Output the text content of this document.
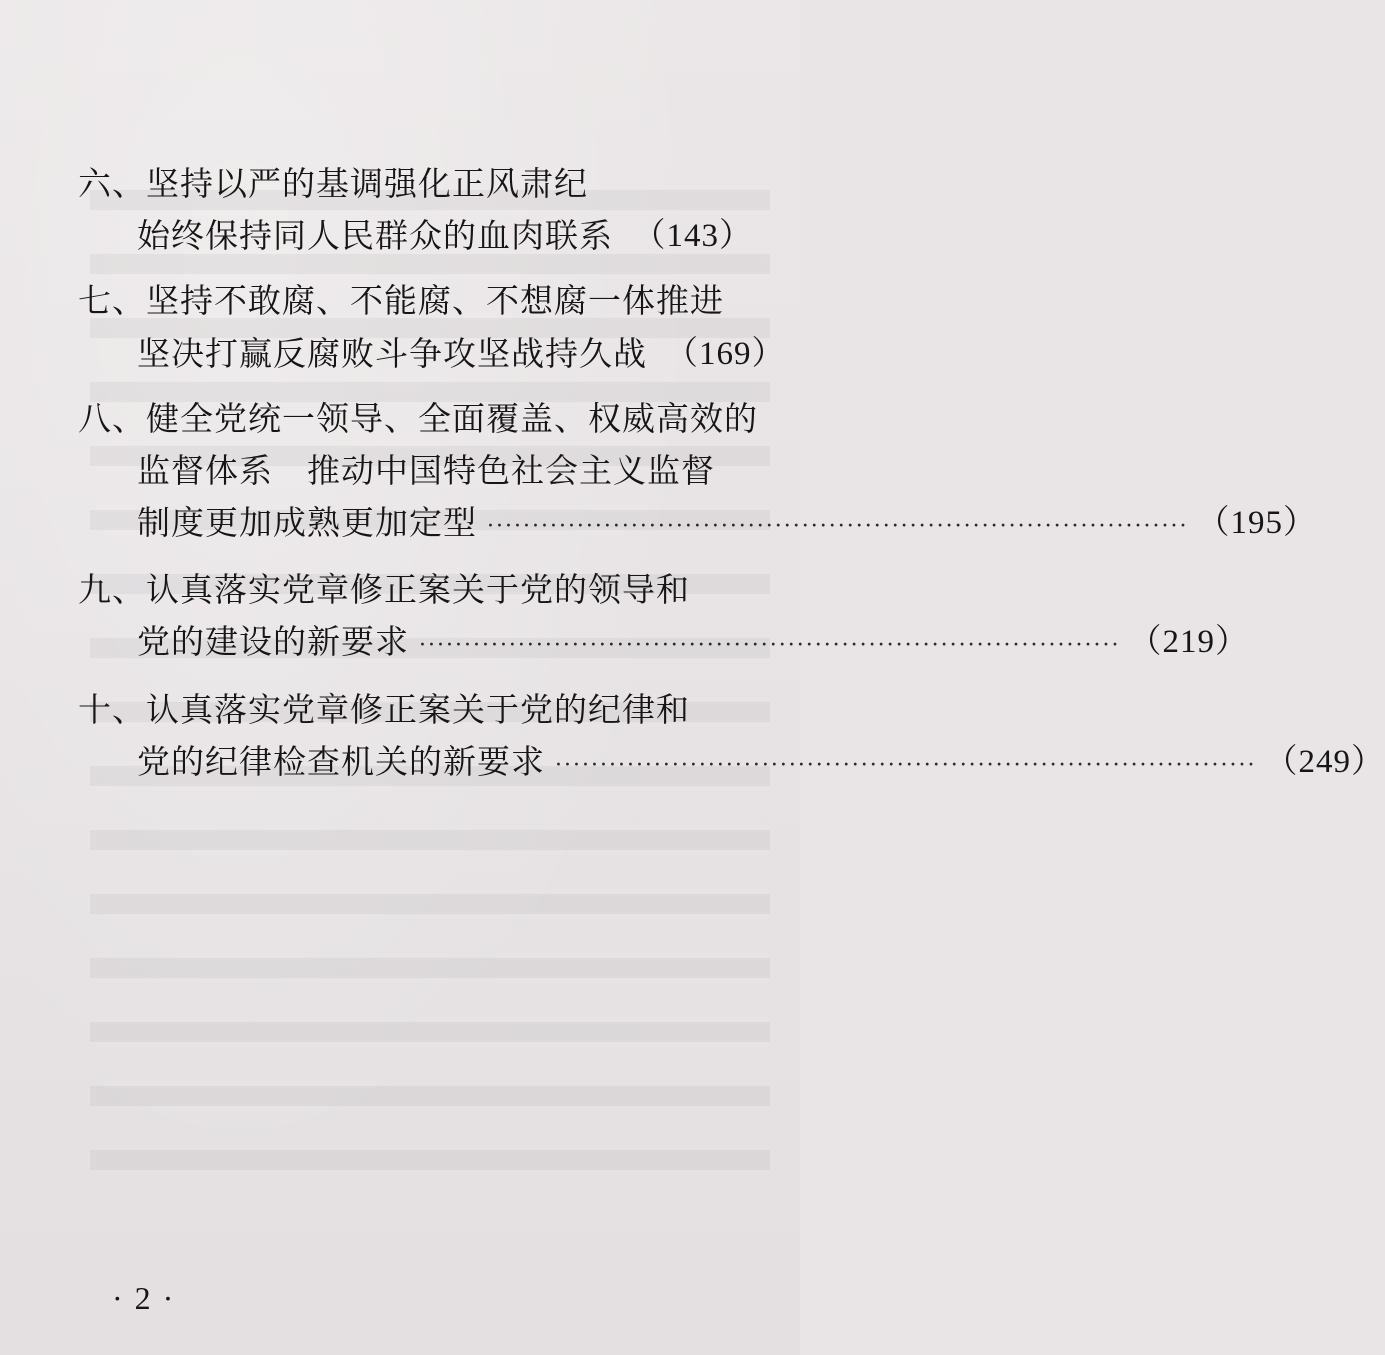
六、坚持以严的基调强化正风肃纪
始终保持同人民群众的血肉联系 （143）
七、坚持不敢腐、不能腐、不想腐一体推进
坚决打赢反腐败斗争攻坚战持久战 （169）
八、健全党统一领导、全面覆盖、权威高效的
监督体系　推动中国特色社会主义监督
制度更加成熟更加定型 ·············································································· （195）
九、认真落实党章修正案关于党的领导和
党的建设的新要求 ·············································································· （219）
十、认真落实党章修正案关于党的纪律和
党的纪律检查机关的新要求 ·············································································· （249）
· 2 ·
